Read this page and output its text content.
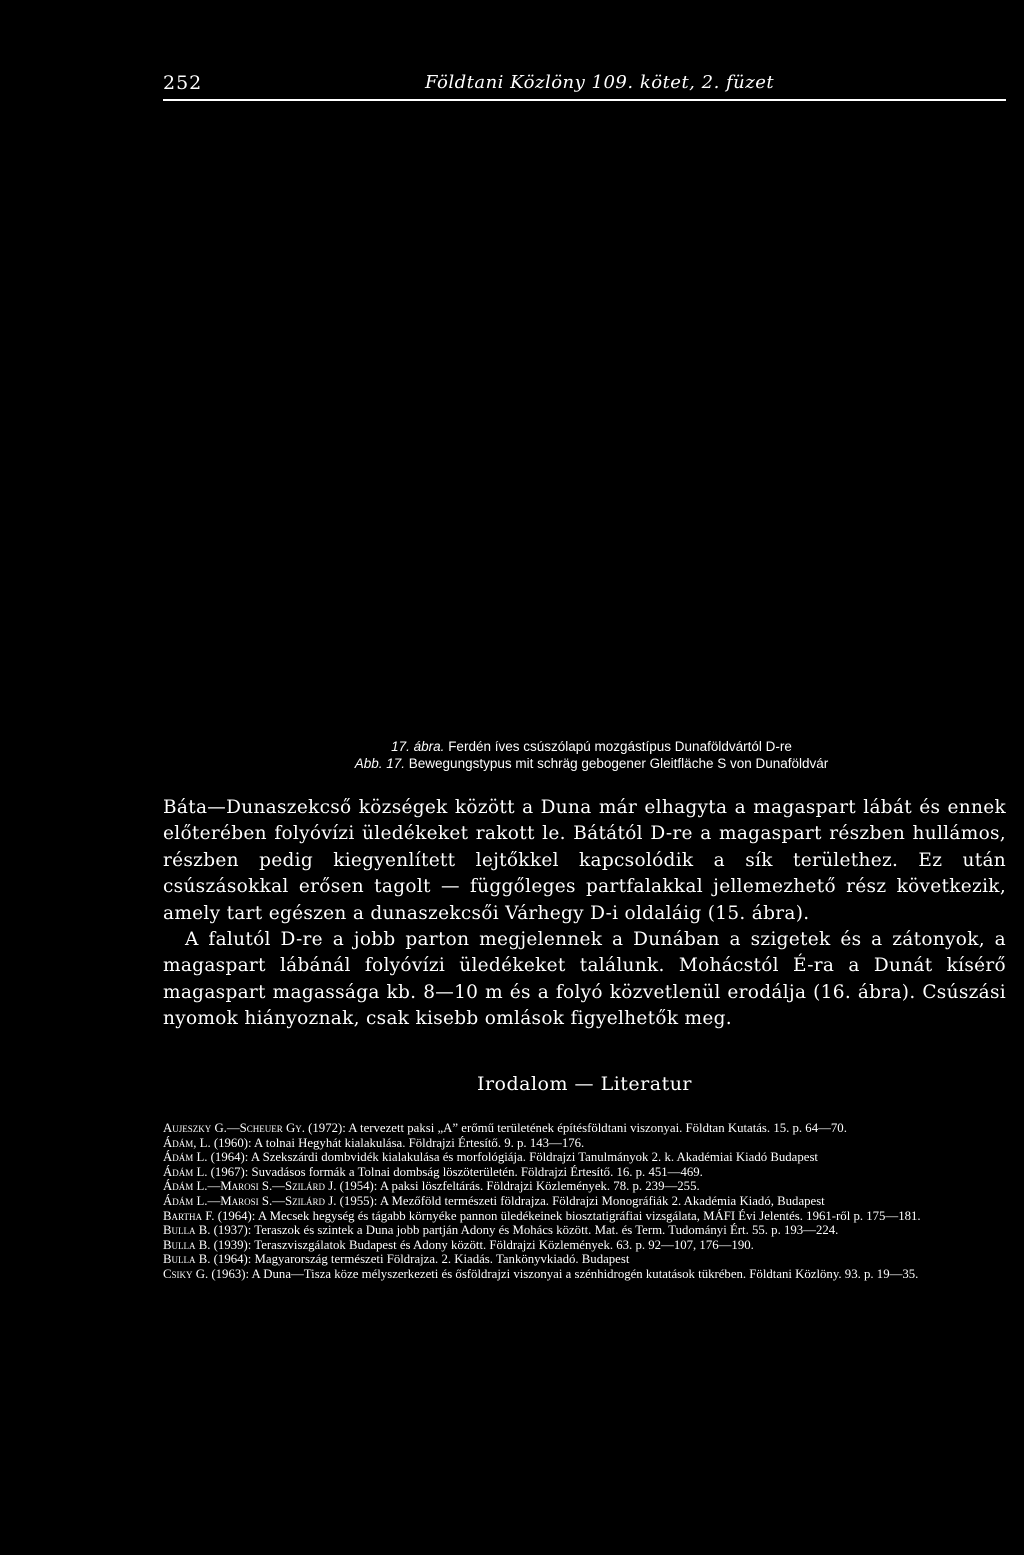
252	Földtani Közlöny 109. kötet, 2. füzet
17. ábra. Ferdén íves csúszólapú mozgástípus Dunaföldvártól D-re
Abb. 17. Bewegungstypus mit schräg gebogener Gleitfläche S von Dunaföldvár

Báta—Dunaszekcső községek között a Duna már elhagyta a magaspart lábát és ennek előterében folyóvízi üledékeket rakott le. Bátától D-re a magaspart részben hullámos, részben pedig kiegyenlített lejtőkkel kapcsolódik a sík területhez. Ez után csúszásokkal erősen tagolt — függőleges partfalakkal jellemezhető rész következik, amely tart egészen a dunaszekcsői Várhegy D-i oldaláig (15. ábra).

A falutól D-re a jobb parton megjelennek a Dunában a szigetek és a zátonyok, a magaspart lábánál folyóvízi üledékeket találunk. Mohácstól É-ra a Dunát kísérő magaspart magassága kb. 8—10 m és a folyó közvetlenül erodálja (16. ábra). Csúszási nyomok hiányoznak, csak kisebb omlások figyelhetők meg.

Irodalom — Literatur
Aujeszky G.—Scheuer Gy. (1972): A tervezett paksi „A” erőmű területének építésföldtani viszonyai. Földtan Kutatás. 15. p. 64—70.
Ádám, L. (1960): A tolnai Hegyhát kialakulása. Földrajzi Értesítő. 9. p. 143—176.
Ádám L. (1964): A Szekszárdi dombvidék kialakulása és morfológiája. Földrajzi Tanulmányok 2. k. Akadémiai Kiadó Budapest
Ádám L. (1967): Suvadásos formák a Tolnai dombság löszöterületén. Földrajzi Értesítő. 16. p. 451—469.
Ádám L.—Marosi S.—Szilárd J. (1954): A paksi löszfeltárás. Földrajzi Közlemények. 78. p. 239—255.
Ádám L.—Marosi S.—Szilárd J. (1955): A Mezőföld természeti földrajza. Földrajzi Monográfiák 2. Akadémia Kiadó, Budapest
Bartha F. (1964): A Mecsek hegység és tágabb környéke pannon üledékeinek biosztatigráfiai vizsgálata, MÁFI Évi Jelentés. 1961-ről p. 175—181.
Bulla B. (1937): Teraszok és szintek a Duna jobb partján Adony és Mohács között. Mat. és Term. Tudományi Ért. 55. p. 193—224.
Bulla B. (1939): Teraszviszgálatok Budapest és Adony között. Földrajzi Közlemények. 63. p. 92—107, 176—190.
Bulla B. (1964): Magyarország természeti Földrajza. 2. Kiadás. Tankönyvkiadó. Budapest
Csiky G. (1963): A Duna—Tisza köze mélyszerkezeti és ősföldrajzi viszonyai a szénhidrogén kutatások tükrében. Földtani Közlöny. 93. p. 19—35.
